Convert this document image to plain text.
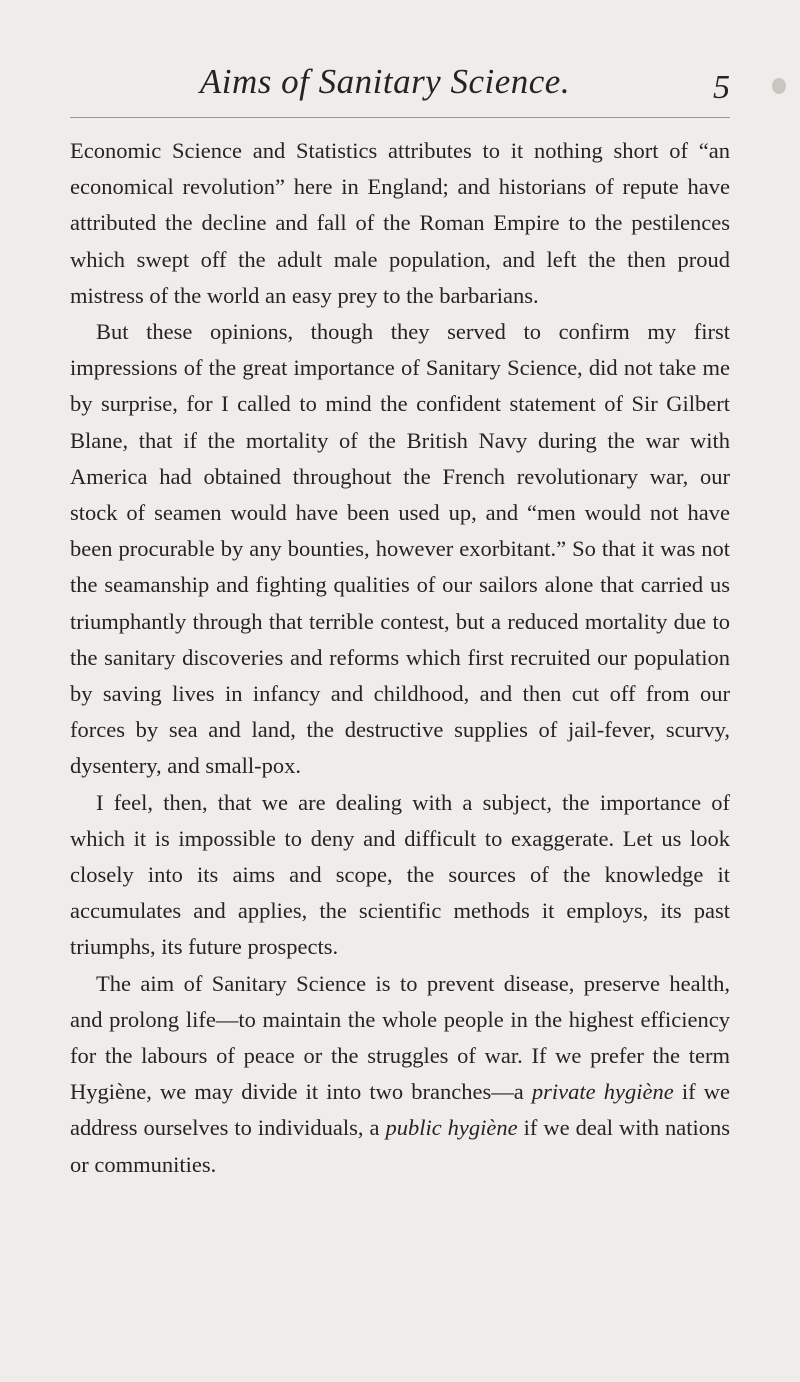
Aims of Sanitary Science.	5

Economic Science and Statistics attributes to it nothing short of “an economical revolution” here in England; and historians of repute have attributed the decline and fall of the Roman Empire to the pestilences which swept off the adult male population, and left the then proud mistress of the world an easy prey to the barbarians.

But these opinions, though they served to confirm my first impressions of the great importance of Sanitary Science, did not take me by surprise, for I called to mind the confident statement of Sir Gilbert Blane, that if the mortality of the British Navy during the war with America had obtained throughout the French revolutionary war, our stock of seamen would have been used up, and “men would not have been procurable by any bounties, however exorbitant.” So that it was not the seamanship and fighting qualities of our sailors alone that carried us triumphantly through that terrible contest, but a reduced mortality due to the sanitary discoveries and reforms which first recruited our population by saving lives in infancy and childhood, and then cut off from our forces by sea and land, the destructive supplies of jail-fever, scurvy, dysentery, and small-pox.

I feel, then, that we are dealing with a subject, the importance of which it is impossible to deny and difficult to exaggerate. Let us look closely into its aims and scope, the sources of the knowledge it accumulates and applies, the scientific methods it employs, its past triumphs, its future prospects.

The aim of Sanitary Science is to prevent disease, preserve health, and prolong life—to maintain the whole people in the highest efficiency for the labours of peace or the struggles of war. If we prefer the term Hygiène, we may divide it into two branches—a private hygiène if we address ourselves to individuals, a public hygiène if we deal with nations or communities.
